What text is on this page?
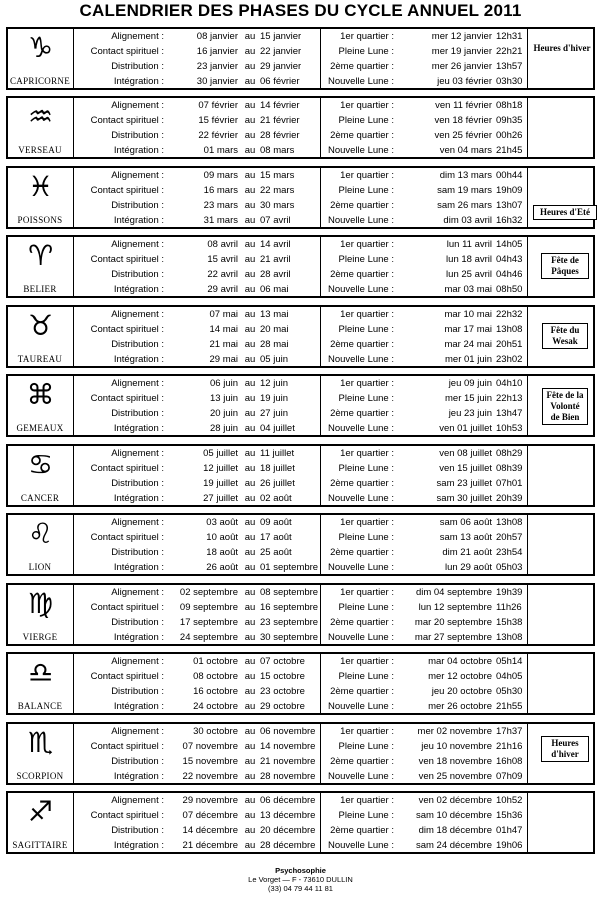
CALENDRIER DES PHASES DU CYCLE ANNUEL 2011
♑
CAPRICORNE
Alignement :	08 janvier au 15 janvier	1er quartier :	mer 12 janvier 12h31
Contact spirituel :	16 janvier au 22 janvier	Pleine Lune :	mer 19 janvier 22h21
Distribution :	23 janvier au 29 janvier	2ème quartier :	mer 26 janvier 13h57
Intégration :	30 janvier au 06 février	Nouvelle Lune :	jeu 03 février 03h30
Heures d'hiver
♒
VERSEAU
Alignement :	07 février au 14 février	1er quartier :	ven 11 février 08h18
Contact spirituel :	15 février au 21 février	Pleine Lune :	ven 18 février 09h35
Distribution :	22 février au 28 février	2ème quartier :	ven 25 février 00h26
Intégration :	01 mars au 08 mars	Nouvelle Lune :	ven 04 mars 21h45
♓
POISSONS
Alignement :	09 mars au 15 mars	1er quartier :	dim 13 mars 00h44
Contact spirituel :	16 mars au 22 mars	Pleine Lune :	sam 19 mars 19h09
Distribution :	23 mars au 30 mars	2ème quartier :	sam 26 mars 13h07
Intégration :	31 mars au 07 avril	Nouvelle Lune :	dim 03 avril 16h32
Heures d'Eté
♈
BELIER
Alignement :	08 avril au 14 avril	1er quartier :	lun 11 avril 14h05
Contact spirituel :	15 avril au 21 avril	Pleine Lune :	lun 18 avril 04h43
Distribution :	22 avril au 28 avril	2ème quartier :	lun 25 avril 04h46
Intégration :	29 avril au 06 mai	Nouvelle Lune :	mar 03 mai 08h50
Fête de Pâques
♉
TAUREAU
Alignement :	07 mai au 13 mai	1er quartier :	mar 10 mai 22h32
Contact spirituel :	14 mai au 20 mai	Pleine Lune :	mar 17 mai 13h08
Distribution :	21 mai au 28 mai	2ème quartier :	mar 24 mai 20h51
Intégration :	29 mai au 05 juin	Nouvelle Lune :	mer 01 juin 23h02
Fête du Wesak
⌘
GEMEAUX
Alignement :	06 juin au 12 juin	1er quartier :	jeu 09 juin 04h10
Contact spirituel :	13 juin au 19 juin	Pleine Lune :	mer 15 juin 22h13
Distribution :	20 juin au 27 juin	2ème quartier :	jeu 23 juin 13h47
Intégration :	28 juin au 04 juillet	Nouvelle Lune :	ven 01 juillet 10h53
Fête de la Volonté de Bien
♋
CANCER
Alignement :	05 juillet au 11 juillet	1er quartier :	ven 08 juillet 08h29
Contact spirituel :	12 juillet au 18 juillet	Pleine Lune :	ven 15 juillet 08h39
Distribution :	19 juillet au 26 juillet	2ème quartier :	sam 23 juillet 07h01
Intégration :	27 juillet au 02 août	Nouvelle Lune :	sam 30 juillet 20h39
♌
LION
Alignement :	03 août au 09 août	1er quartier :	sam 06 août 13h08
Contact spirituel :	10 août au 17 août	Pleine Lune :	sam 13 août 20h57
Distribution :	18 août au 25 août	2ème quartier :	dim 21 août 23h54
Intégration :	26 août au 01 septembre	Nouvelle Lune :	lun 29 août 05h03
♍
VIERGE
Alignement :	02 septembre au 08 septembre	1er quartier :	dim 04 septembre 19h39
Contact spirituel :	09 septembre au 16 septembre	Pleine Lune :	lun 12 septembre 11h26
Distribution :	17 septembre au 23 septembre	2ème quartier :	mar 20 septembre 15h38
Intégration :	24 septembre au 30 septembre	Nouvelle Lune :	mar 27 septembre 13h08
♎
BALANCE
Alignement :	01 octobre au 07 octobre	1er quartier :	mar 04 octobre 05h14
Contact spirituel :	08 octobre au 15 octobre	Pleine Lune :	mer 12 octobre 04h05
Distribution :	16 octobre au 23 octobre	2ème quartier :	jeu 20 octobre 05h30
Intégration :	24 octobre au 29 octobre	Nouvelle Lune :	mer 26 octobre 21h55
♏
SCORPION
Alignement :	30 octobre au 06 novembre	1er quartier :	mer 02 novembre 17h37
Contact spirituel :	07 novembre au 14 novembre	Pleine Lune :	jeu 10 novembre 21h16
Distribution :	15 novembre au 21 novembre	2ème quartier :	ven 18 novembre 16h08
Intégration :	22 novembre au 28 novembre	Nouvelle Lune :	ven 25 novembre 07h09
Heures d'hiver
♐
SAGITTAIRE
Alignement :	29 novembre au 06 décembre	1er quartier :	ven 02 décembre 10h52
Contact spirituel :	07 décembre au 13 décembre	Pleine Lune :	sam 10 décembre 15h36
Distribution :	14 décembre au 20 décembre	2ème quartier :	dim 18 décembre 01h47
Intégration :	21 décembre au 28 décembre	Nouvelle Lune :	sam 24 décembre 19h06
Psychosophie
Le Vorget — F - 73610 DULLIN
(33) 04 79 44 11 81
